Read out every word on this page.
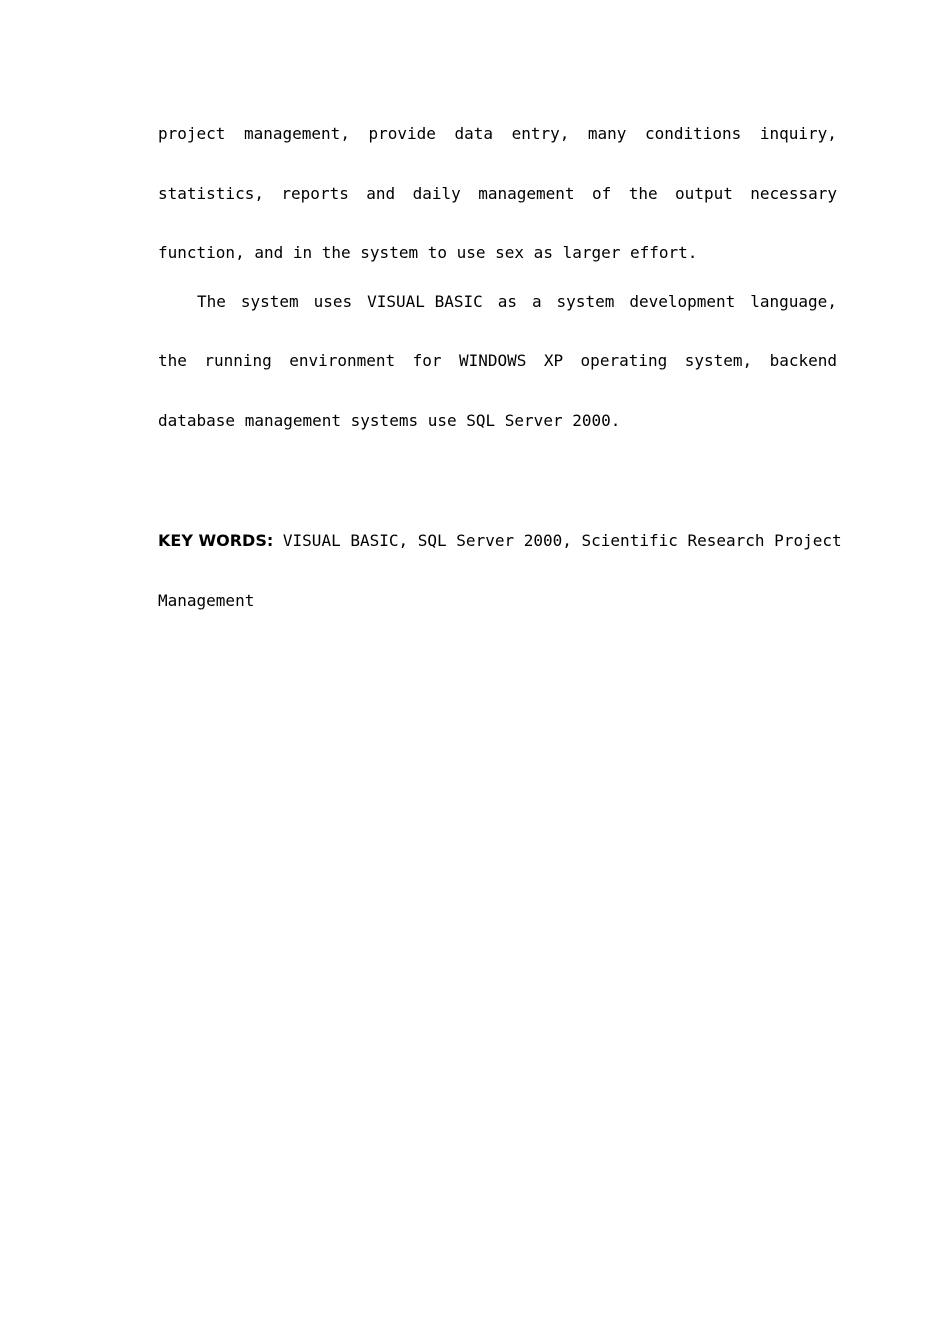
project management, provide data entry, many conditions inquiry,
statistics, reports and daily management of the output necessary
function, and in the system to use sex as larger effort.
The system uses VISUAL BASIC as a system development language,
the running environment for WINDOWS XP operating system, backend
database management systems use SQL Server 2000.
KEY WORDS: VISUAL BASIC, SQL Server 2000, Scientific Research Project
Management
